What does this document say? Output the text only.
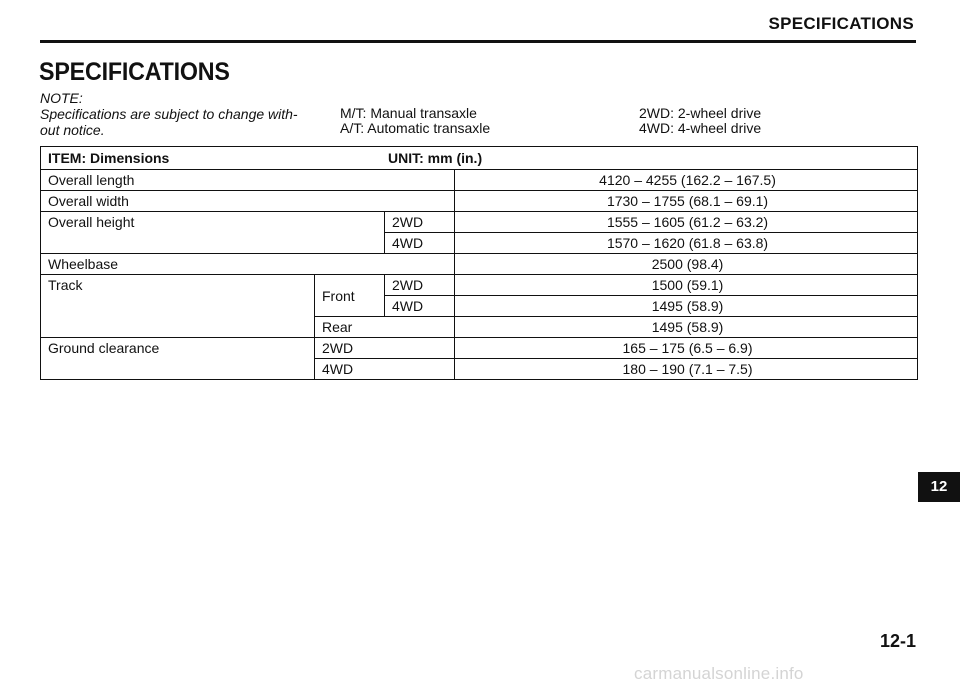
SPECIFICATIONS
SPECIFICATIONS
NOTE:
Specifications are subject to change with-
out notice.
M/T: Manual transaxle
A/T: Automatic transaxle
2WD: 2-wheel drive
4WD: 4-wheel drive
ITEM: Dimensions UNIT: mm (in.)			

Overall length			4120 – 4255 (162.2 – 167.5)
Overall width			1730 – 1755 (68.1 – 69.1)
Overall height		2WD	1555 – 1605 (61.2 – 63.2)
		4WD	1570 – 1620 (61.8 – 63.8)
Wheelbase			2500 (98.4)
Track	Front	2WD	1500 (59.1)
		4WD	1495 (58.9)
	Rear		1495 (58.9)
Ground clearance	2WD		165 – 175 (6.5 – 6.9)
	4WD		180 – 190 (7.1 – 7.5)
12
12-1
carmanualsonline.info
